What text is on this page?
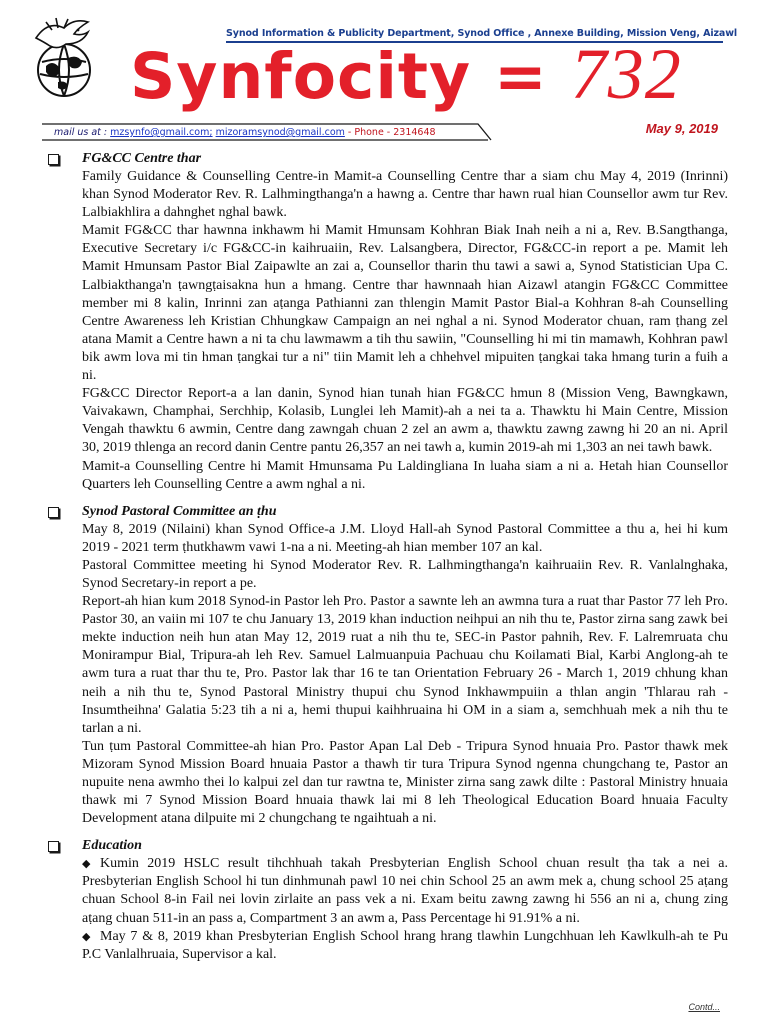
Synod Information & Publicity Department, Synod Office , Annexe Building, Mission Veng, Aizawl
Synfocity = 732
mail us at : mzsynfo@gmail.com; mizoramsynod@gmail.com - Phone - 2314648	May 9, 2019
FG&CC Centre thar

Family Guidance & Counselling Centre-in Mamit-a Counselling Centre thar a siam chu May 4, 2019 (Inrinni) khan Synod Moderator Rev. R. Lalhmingthanga'n a hawng a. Centre thar hawn rual hian Counsellor awm tur Rev. Lalbiakhlira a dahnghet nghal bawk.

Mamit FG&CC thar hawnna inkhawm hi Mamit Hmunsam Kohhran Biak Inah neih a ni a, Rev. B.Sangthanga, Executive Secretary i/c FG&CC-in kaihruaiin, Rev. Lalsangbera, Director, FG&CC-in report a pe. Mamit leh Mamit Hmunsam Pastor Bial Zaipawlte an zai a, Counsellor tharin thu tawi a sawi a, Synod Statistician Upa C. Lalbiakthanga'n ṭawngṭaisakna hun a hmang. Centre thar hawnnaah hian Aizawl atangin FG&CC Committee member mi 8 kalin, Inrinni zan aṭanga Pathianni zan thlengin Mamit Pastor Bial-a Kohhran 8-ah Counselling Centre Awareness leh Kristian Chhungkaw Campaign an nei nghal a ni. Synod Moderator chuan, ram ṭhang zel atana Mamit a Centre hawn a ni ta chu lawmawm a tih thu sawiin, "Counselling hi mi tin mamawh, Kohhran pawl bik awm lova mi tin hman ṭangkai tur a ni" tiin Mamit leh a chhehvel mipuiten ṭangkai taka hmang turin a fuih a ni.

FG&CC Director Report-a a lan danin, Synod hian tunah hian FG&CC hmun 8 (Mission Veng, Bawngkawn, Vaivakawn, Champhai, Serchhip, Kolasib, Lunglei leh Mamit)-ah a nei ta a. Thawktu hi Main Centre, Mission Vengah thawktu 6 awmin, Centre dang zawngah chuan 2 zel an awm a, thawktu zawng zawng hi 20 an ni. April 30, 2019 thlenga an record danin Centre pantu 26,357 an nei tawh a, kumin 2019-ah mi 1,303 an nei tawh bawk.

Mamit-a Counselling Centre hi Mamit Hmunsama Pu Laldingliana In luaha siam a ni a. Hetah hian Counsellor Quarters leh Counselling Centre a awm nghal a ni.

Synod Pastoral Committee an ṭhu

May 8, 2019 (Nilaini) khan Synod Office-a J.M. Lloyd Hall-ah Synod Pastoral Committee a thu a, hei hi kum 2019 - 2021 term ṭhutkhawm vawi 1-na a ni. Meeting-ah hian member 107 an kal.

Pastoral Committee meeting hi Synod Moderator Rev. R. Lalhmingthanga'n kaihruaiin Rev. R. Vanlalnghaka, Synod Secretary-in report a pe.

Report-ah hian kum 2018 Synod-in Pastor leh Pro. Pastor a sawnte leh an awmna tura a ruat thar Pastor 77 leh Pro. Pastor 30, an vaiin mi 107 te chu January 13, 2019 khan induction neihpui an nih thu te, Pastor zirna sang zawk bei mekte induction neih hun atan May 12, 2019 ruat a nih thu te, SEC-in Pastor pahnih, Rev. F. Lalremruata chu Monirampur Bial, Tripura-ah leh Rev. Samuel Lalmuanpuia Pachuau chu Koilamati Bial, Karbi Anglong-ah te awm tura a ruat thar thu te, Pro. Pastor lak thar 16 te tan Orientation February 26 - March 1, 2019 chhung khan neih a nih thu te, Synod Pastoral Ministry thupui chu Synod Inkhawmpuiin a thlan angin 'Thlarau rah - Insumtheihna' Galatia 5:23 tih a ni a, hemi thupui kaihhruaina hi OM in a siam a, semchhuah mek a nih thu te tarlan a ni.

Tun ṭum Pastoral Committee-ah hian Pro. Pastor Apan Lal Deb - Tripura Synod hnuaia Pro. Pastor thawk mek Mizoram Synod Mission Board hnuaia Pastor a thawh tir tura Tripura Synod ngenna chungchang te, Pastor an nupuite nena awmho thei lo kalpui zel dan tur rawtna te, Minister zirna sang zawk dilte : Pastoral Ministry hnuaia thawk mi 7 Synod Mission Board hnuaia thawk lai mi 8 leh Theological Education Board hnuaia Faculty Development atana dilpuite mi 2 chungchang te ngaihtuah a ni.

Education

◆ Kumin 2019 HSLC result tihchhuah takah Presbyterian English School chuan result ṭha tak a nei a. Presbyterian English School hi tun dinhmunah pawl 10 nei chin School 25 an awm mek a, chung school 25 aṭang chuan School 8-in Fail nei lovin zirlaite an pass vek a ni. Exam beitu zawng zawng hi 556 an ni a, chung zing aṭang chuan 511-in an pass a, Compartment 3 an awm a, Pass Percentage hi 91.91% a ni.

◆ May 7 & 8, 2019 khan Presbyterian English School hrang hrang tlawhin Lungchhuan leh Kawlkulh-ah te Pu P.C Vanlalhruaia, Supervisor a kal.

Contd...
